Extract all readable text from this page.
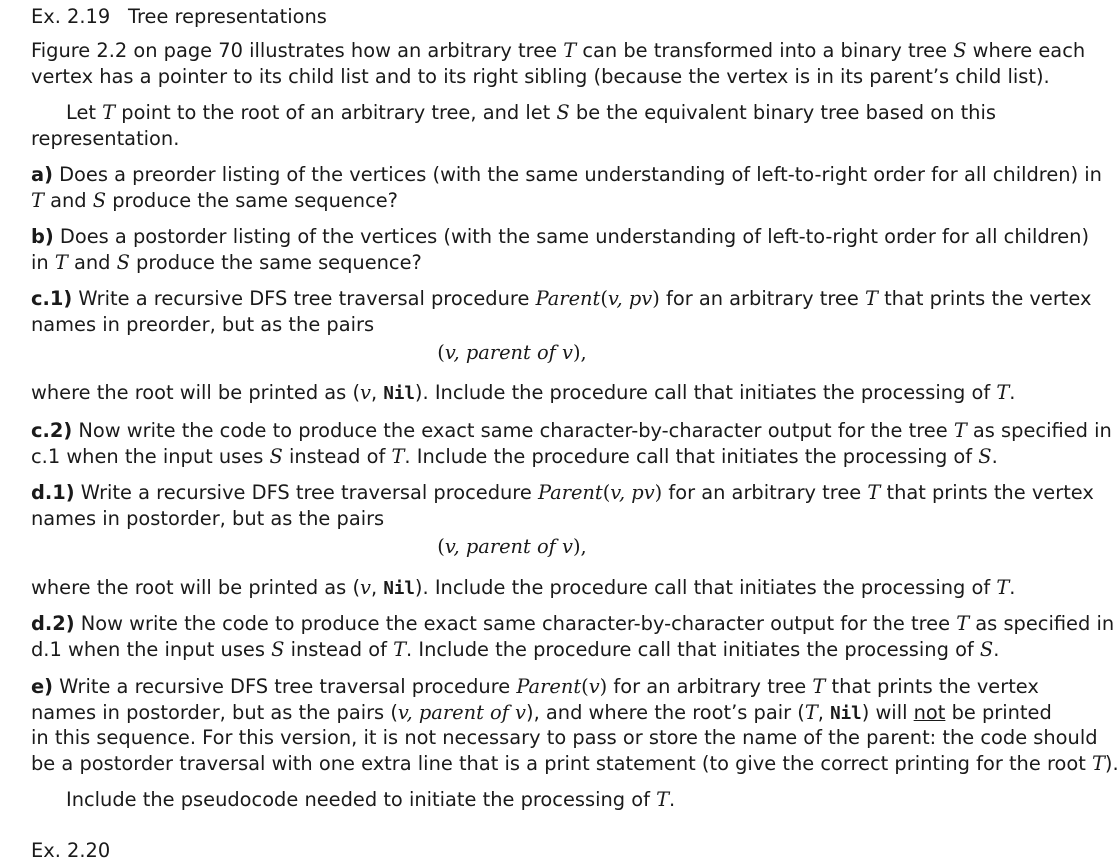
Ex. 2.19 Tree representations
Figure 2.2 on page 70 illustrates how an arbitrary tree T can be transformed into a binary tree S where each
vertex has a pointer to its child list and to its right sibling (because the vertex is in its parent’s child list).
Let T point to the root of an arbitrary tree, and let S be the equivalent binary tree based on this
representation.
a) Does a preorder listing of the vertices (with the same understanding of left-to-right order for all children) in
T and S produce the same sequence?
b) Does a postorder listing of the vertices (with the same understanding of left-to-right order for all children)
in T and S produce the same sequence?
c.1) Write a recursive DFS tree traversal procedure Parent(v, pv) for an arbitrary tree T that prints the vertex
names in preorder, but as the pairs
(v, parent of v),
where the root will be printed as (v, Nil). Include the procedure call that initiates the processing of T.
c.2) Now write the code to produce the exact same character-by-character output for the tree T as specified in
c.1 when the input uses S instead of T. Include the procedure call that initiates the processing of S.
d.1) Write a recursive DFS tree traversal procedure Parent(v, pv) for an arbitrary tree T that prints the vertex
names in postorder, but as the pairs
(v, parent of v),
where the root will be printed as (v, Nil). Include the procedure call that initiates the processing of T.
d.2) Now write the code to produce the exact same character-by-character output for the tree T as specified in
d.1 when the input uses S instead of T. Include the procedure call that initiates the processing of S.
e) Write a recursive DFS tree traversal procedure Parent(v) for an arbitrary tree T that prints the vertex
names in postorder, but as the pairs (v, parent of v), and where the root’s pair (T, Nil) will not be printed
in this sequence. For this version, it is not necessary to pass or store the name of the parent: the code should
be a postorder traversal with one extra line that is a print statement (to give the correct printing for the root T).
Include the pseudocode needed to initiate the processing of T.
Ex. 2.20
